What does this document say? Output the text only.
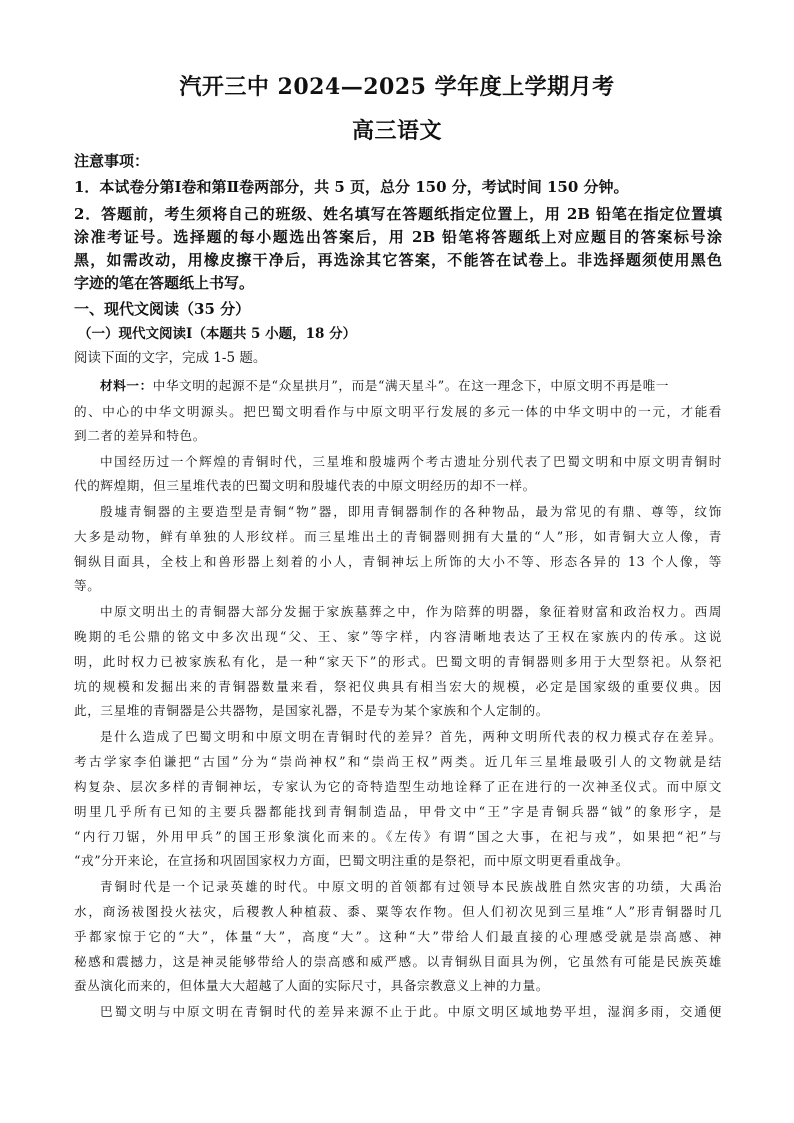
汽开三中 2024—2025 学年度上学期月考
高三语文
注意事项：
1．本试卷分第Ⅰ卷和第Ⅱ卷两部分，共 5 页，总分 150 分，考试时间 150 分钟。
2．答题前，考生须将自己的班级、姓名填写在答题纸指定位置上，用 2B 铅笔在指定位置填
涂准考证号。选择题的每小题选出答案后，用 2B 铅笔将答题纸上对应题目的答案标号涂
黑，如需改动，用橡皮擦干净后，再选涂其它答案，不能答在试卷上。非选择题须使用黑色
字迹的笔在答题纸上书写。
一、现代文阅读（35 分）
（一）现代文阅读Ⅰ（本题共 5 小题，18 分）
阅读下面的文字，完成 1-5 题。
材料一：中华文明的起源不是“众星拱月”，而是“满天星斗”。在这一理念下，中原文明不再是唯一
的、中心的中华文明源头。把巴蜀文明看作与中原文明平行发展的多元一体的中华文明中的一元，才能看
到二者的差异和特色。
中国经历过一个辉煌的青铜时代，三星堆和殷墟两个考古遗址分别代表了巴蜀文明和中原文明青铜时
代的辉煌期，但三星堆代表的巴蜀文明和殷墟代表的中原文明经历的却不一样。
殷墟青铜器的主要造型是青铜“物”器，即用青铜器制作的各种物品，最为常见的有鼎、尊等，纹饰
大多是动物，鲜有单独的人形纹样。而三星堆出土的青铜器则拥有大量的“人”形，如青铜大立人像，青
铜纵目面具，全枝上和兽形器上刻着的小人，青铜神坛上所饰的大小不等、形态各异的 13 个人像，等
等。
中原文明出土的青铜器大部分发掘于家族墓葬之中，作为陪葬的明器，象征着财富和政治权力。西周
晚期的毛公鼎的铭文中多次出现“父、王、家”等字样，内容清晰地表达了王权在家族内的传承。这说
明，此时权力已被家族私有化，是一种“家天下”的形式。巴蜀文明的青铜器则多用于大型祭祀。从祭祀
坑的规模和发掘出来的青铜器数量来看，祭祀仪典具有相当宏大的规模，必定是国家级的重要仪典。因
此，三星堆的青铜器是公共器物，是国家礼器，不是专为某个家族和个人定制的。
是什么造成了巴蜀文明和中原文明在青铜时代的差异？首先，两种文明所代表的权力模式存在差异。
考古学家李伯谦把“古国”分为“崇尚神权”和“崇尚王权”两类。近几年三星堆最吸引人的文物就是结
构复杂、层次多样的青铜神坛，专家认为它的奇特造型生动地诠释了正在进行的一次神圣仪式。而中原文
明里几乎所有已知的主要兵器都能找到青铜制造品，甲骨文中“王”字是青铜兵器“钺”的象形字，是
“内行刀锯，外用甲兵”的国王形象演化而来的。《左传》有谓“国之大事，在祀与戎”，如果把“祀”与
“戎”分开来论，在宣扬和巩固国家权力方面，巴蜀文明注重的是祭祀，而中原文明更看重战争。
青铜时代是一个记录英雄的时代。中原文明的首领都有过领导本民族战胜自然灾害的功绩，大禹治
水，商汤祓图投火祛灾，后稷教人种植菽、黍、粟等农作物。但人们初次见到三星堆“人”形青铜器时几
乎都家惊于它的“大”，体量“大”，高度“大”。这种“大”带给人们最直接的心理感受就是崇高感、神
秘感和震撼力，这是神灵能够带给人的崇高感和威严感。以青铜纵目面具为例，它虽然有可能是民族英雄
蚕丛演化而来的，但体量大大超越了人面的实际尺寸，具备宗教意义上神的力量。
巴蜀文明与中原文明在青铜时代的差异来源不止于此。中原文明区域地势平坦，湿润多雨，交通便
